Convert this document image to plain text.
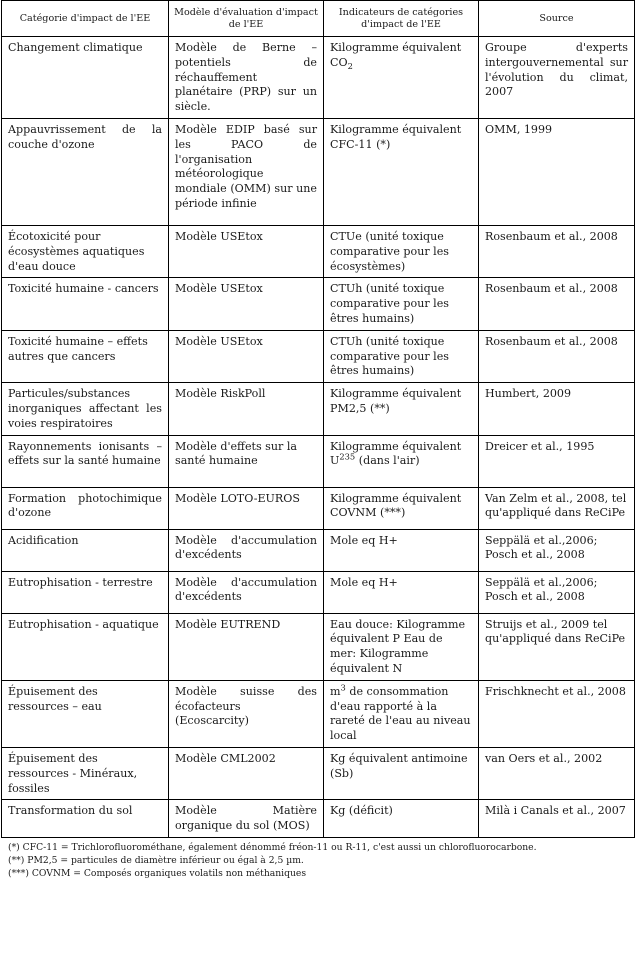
Catégorie d'impact de l'EE	Modèle d'évaluation d'impact de l'EE	Indicateurs de catégories d'impact de l'EE	Source
Changement climatique	Modèle de Berne – potentiels de réchauffement planétaire (PRP) sur un siècle.	Kilogramme équivalent $CO_2$	Groupe d'experts intergouvernemental sur l'évolution du climat, 2007
Appauvrissement de la couche d'ozone	Modèle EDIP basé sur les PACO de l'organisation météorologique mondiale (OMM) sur une période infinie	Kilogramme équivalent CFC-11 (*)	OMM, 1999
Écotoxicité pour écosystèmes aquatiques d'eau douce	Modèle USEtox	CTUe (unité toxique comparative pour les écosystèmes)	Rosenbaum et al., 2008
Toxicité humaine - cancers	Modèle USEtox	CTUh (unité toxique comparative pour les êtres humains)	Rosenbaum et al., 2008
Toxicité humaine – effets autres que cancers	Modèle USEtox	CTUh (unité toxique comparative pour les êtres humains)	Rosenbaum et al., 2008
Particules/substances inorganiques affectant les voies respiratoires	Modèle RiskPoll	Kilogramme équivalent PM2,5 (**)	Humbert, 2009
Rayonnements ionisants – effets sur la santé humaine	Modèle d'effets sur la santé humaine	Kilogramme équivalent $U^{235}$ (dans l'air)	Dreicer et al., 1995
Formation photochimique d'ozone	Modèle LOTO-EUROS	Kilogramme équivalent COVNM (***)	Van Zelm et al., 2008, tel qu'appliqué dans ReCiPe
Acidification	Modèle d'accumulation d'excédents	Mole eq H+	Seppälä et al.,2006; Posch et al., 2008
Eutrophisation - terrestre	Modèle d'accumulation d'excédents	Mole eq H+	Seppälä et al.,2006; Posch et al., 2008
Eutrophisation - aquatique	Modèle EUTREND	Eau douce: Kilogramme équivalent P Eau de mer: Kilogramme équivalent N	Struijs et al., 2009 tel qu'appliqué dans ReCiPe
Épuisement des ressources – eau	Modèle suisse des écofacteurs (Ecoscarcity)	$m^3$ de consommation d'eau rapporté à la rareté de l'eau au niveau local	Frischknecht et al., 2008
Épuisement des ressources - Minéraux, fossiles	Modèle CML2002	Kg équivalent antimoine (Sb)	van Oers et al., 2002
Transformation du sol	Modèle Matière organique du sol (MOS)	Kg (déficit)	Milà i Canals et al., 2007
(*) CFC-11 = Trichlorofluorométhane, également dénommé fréon-11 ou R-11, c'est aussi un chlorofluorocarbone.
(**) PM2,5 = particules de diamètre inférieur ou égal à 2,5 µm.
(***) COVNM = Composés organiques volatils non méthaniques
